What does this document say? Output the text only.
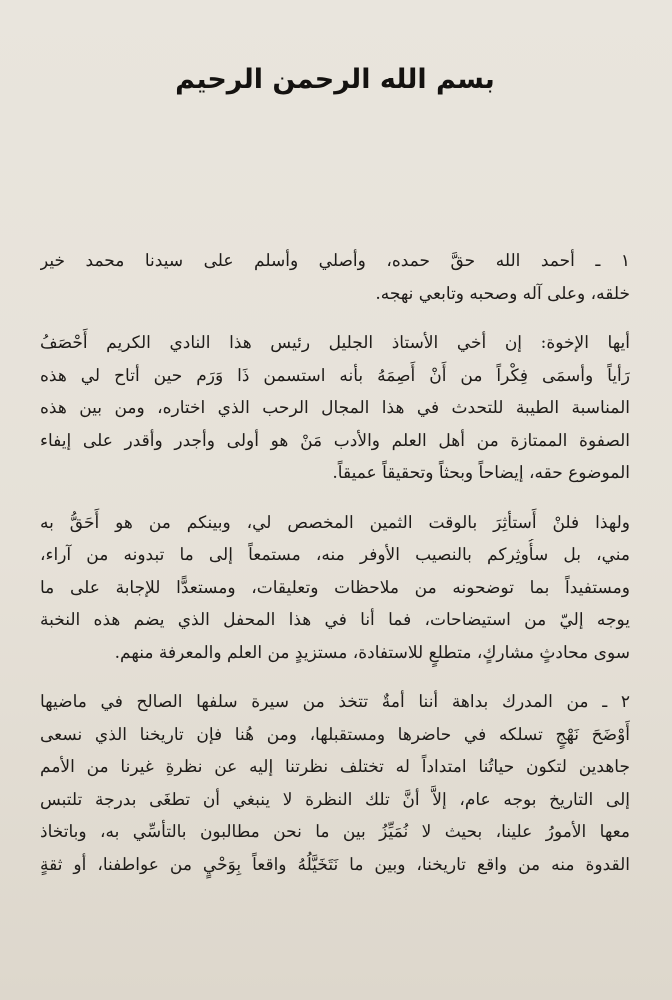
بسم الله الرحمن الرحيم
١ ـ أحمد الله حقَّ حمده، وأصلي وأسلم على سيدنا محمد خير
خلقه، وعلى آله وصحبه وتابعي نهجه.
أيها الإخوة: إن أخي الأستاذ الجليل رئيس هذا النادي الكريم أَحْصَفُ
رَأياً وأسمَى فِكْراً من أَنْ أَصِمَهُ بأنه استسمن ذَا وَرَم حين أتاح لي هذه
المناسبة الطيبة للتحدث في هذا المجال الرحب الذي اختاره، ومن بين هذه
الصفوة الممتازة من أهل العلم والأدب مَنْ هو أولى وأجدر وأقدر على إيفاء
الموضوع حقه، إيضاحاً وبحثاً وتحقيقاً عميقاً.
ولهذا فلنْ أَستأثِرَ بالوقت الثمين المخصص لي، وبينكم من هو أَحَقُّ به
مني، بل سأُوثِركم بالنصيب الأوفر منه، مستمعاً إلى ما تبدونه من آراء،
ومستفيداً بما توضحونه من ملاحظات وتعليقات، ومستعدًّا للإجابة على ما
يوجه إليّ من استيضاحات، فما أنا في هذا المحفل الذي يضم هذه النخبة
سوى محادثٍ مشاركٍ، متطلعٍ للاستفادة، مستزيدٍ من العلم والمعرفة منهم.
٢ ـ من المدرك بداهة أننا أمةٌ تتخذ من سيرة سلفها الصالح في ماضيها
أَوْضَحَ نَهْجٍ تسلكه في حاضرها ومستقبلها، ومن هُنا فإن تاريخنا الذي نسعى
جاهدين لتكون حياتُنا امتداداً له تختلف نظرتنا إليه عن نظرةِ غيرنا من الأمم
إلى التاريخ بوجه عام، إلاَّ أنَّ تلك النظرة لا ينبغي أن تطغَى بدرجة تلتبس
معها الأمورُ علينا، بحيث لا نُمَيِّزُ بين ما نحن مطالبون بالتأسِّي به، وباتخاذ
القدوة منه من واقع تاريخنا، وبين ما نَتَخَيَّلُهُ واقعاً بِوَحْيٍ من عواطفنا، أو ثقةٍ
